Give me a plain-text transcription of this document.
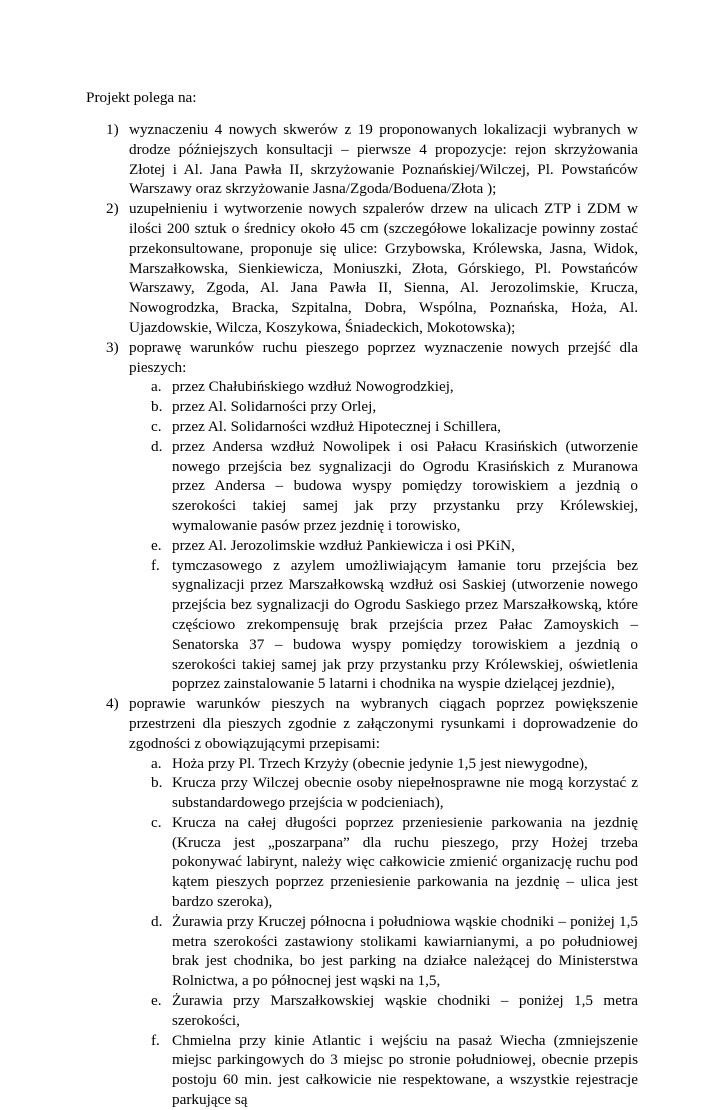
Projekt polega na:
1) wyznaczeniu 4 nowych skwerów z 19 proponowanych lokalizacji wybranych w drodze późniejszych konsultacji – pierwsze 4 propozycje: rejon skrzyżowania Złotej i Al. Jana Pawła II, skrzyżowanie Poznańskiej/Wilczej, Pl. Powstańców Warszawy oraz skrzyżowanie Jasna/Zgoda/Boduena/Złota );
2) uzupełnieniu i wytworzenie nowych szpalerów drzew na ulicach ZTP i ZDM w ilości 200 sztuk o średnicy około 45 cm (szczegółowe lokalizacje powinny zostać przekonsultowane, proponuje się ulice: Grzybowska, Królewska, Jasna, Widok, Marszałkowska, Sienkiewicza, Moniuszki, Złota, Górskiego, Pl. Powstańców Warszawy, Zgoda, Al. Jana Pawła II, Sienna, Al. Jerozolimskie, Krucza, Nowogrodzka, Bracka, Szpitalna, Dobra, Wspólna, Poznańska, Hoża, Al. Ujazdowskie, Wilcza, Koszykowa, Śniadeckich, Mokotowska);
3) poprawę warunków ruchu pieszego poprzez wyznaczenie nowych przejść dla pieszych:
a. przez Chałubińskiego wzdłuż Nowogrodzkiej,
b. przez Al. Solidarności przy Orlej,
c. przez Al. Solidarności wzdłuż Hipotecznej i Schillera,
d. przez Andersa wzdłuż Nowolipek i osi Pałacu Krasińskich (utworzenie nowego przejścia bez sygnalizacji do Ogrodu Krasińskich z Muranowa przez Andersa – budowa wyspy pomiędzy torowiskiem a jezdnią o szerokości takiej samej jak przy przystanku przy Królewskiej, wymalowanie pasów przez jezdnię i torowisko,
e. przez Al. Jerozolimskie wzdłuż Pankiewicza i osi PKiN,
f. tymczasowego z azylem umożliwiającym łamanie toru przejścia bez sygnalizacji przez Marszałkowską wzdłuż osi Saskiej (utworzenie nowego przejścia bez sygnalizacji do Ogrodu Saskiego przez Marszałkowską, które częściowo zrekompensuję brak przejścia przez Pałac Zamoyskich – Senatorska 37 – budowa wyspy pomiędzy torowiskiem a jezdnią o szerokości takiej samej jak przy przystanku przy Królewskiej, oświetlenia poprzez zainstalowanie 5 latarni i chodnika na wyspie dzielącej jezdnie),
4) poprawie warunków pieszych na wybranych ciągach poprzez powiększenie przestrzeni dla pieszych zgodnie z załączonymi rysunkami i doprowadzenie do zgodności z obowiązującymi przepisami:
a. Hoża przy Pl. Trzech Krzyży (obecnie jedynie 1,5 jest niewygodne),
b. Krucza przy Wilczej obecnie osoby niepełnosprawne nie mogą korzystać z substandardowego przejścia w podcieniach),
c. Krucza na całej długości poprzez przeniesienie parkowania na jezdnię (Krucza jest „poszarpana” dla ruchu pieszego, przy Hożej trzeba pokonywać labirynt, należy więc całkowicie zmienić organizację ruchu pod kątem pieszych poprzez przeniesienie parkowania na jezdnię – ulica jest bardzo szeroka),
d. Żurawia przy Kruczej północna i południowa wąskie chodniki – poniżej 1,5 metra szerokości zastawiony stolikami kawiarnianymi, a po południowej brak jest chodnika, bo jest parking na działce należącej do Ministerstwa Rolnictwa, a po północnej jest wąski na 1,5,
e. Żurawia przy Marszałkowskiej wąskie chodniki – poniżej 1,5 metra szerokości,
f. Chmielna przy kinie Atlantic i wejściu na pasaż Wiecha (zmniejszenie miejsc parkingowych do 3 miejsc po stronie południowej, obecnie przepis postoju 60 min. jest całkowicie nie respektowane, a wszystkie rejestracje parkujące są
